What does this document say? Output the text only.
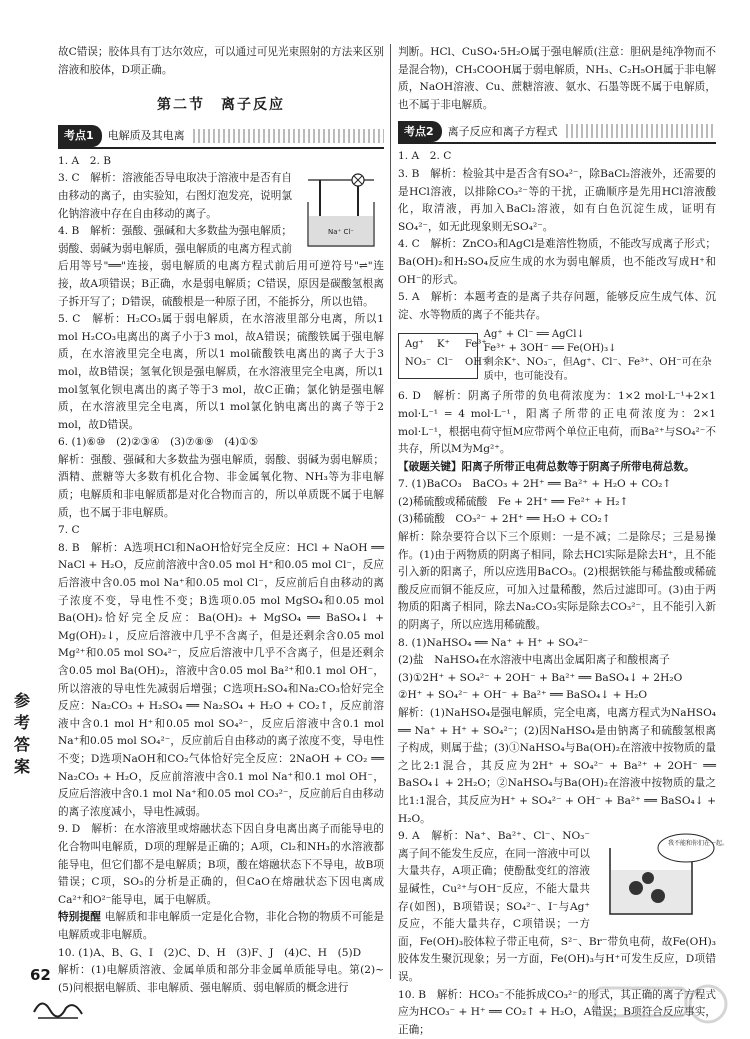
故C错误；胶体具有丁达尔效应，可以通过可见光束照射的方法来区别溶液和胶体，D项正确。

第二节　离子反应
考点1	电解质及其电离

1. A　2. B

Na⁺ Cl⁻

3. C　解析：溶液能否导电取决于溶液中是否有自由移动的离子，由实验知，右图灯泡发亮，说明氯化钠溶液中存在自由移动的离子。

4. B　解析：强酸、强碱和大多数盐为强电解质；弱酸、弱碱为弱电解质，强电解质的电离方程式前后用等号"══"连接，弱电解质的电离方程式前后用可逆符号"⇌"连接，故A项错误；B正确，水是弱电解质；C错误，原因是碳酸氢根离子拆开写了；D错误，硫酸根是一种原子团，不能拆分，所以也错。

5. C　解析：H₂CO₃属于弱电解质，在水溶液里部分电离，所以1 mol H₂CO₃电离出的离子小于3 mol，故A错误；硫酸铁属于强电解质，在水溶液里完全电离，所以1 mol硫酸铁电离出的离子大于3 mol，故B错误；氢氧化钡是强电解质，在水溶液里完全电离，所以1 mol氢氧化钡电离出的离子等于3 mol，故C正确；氯化钠是强电解质，在水溶液里完全电离，所以1 mol氯化钠电离出的离子等于2 mol，故D错误。

6. (1)⑥⑩　(2)②③④　(3)⑦⑧⑨　(4)①⑤

解析：强酸、强碱和大多数盐为强电解质，弱酸、弱碱为弱电解质；酒精、蔗糖等大多数有机化合物、非金属氧化物、NH₃等为非电解质；电解质和非电解质都是对化合物而言的，所以单质既不属于电解质，也不属于非电解质。

7. C

8. B　解析：A选项HCl和NaOH恰好完全反应：HCl + NaOH ══ NaCl + H₂O，反应前溶液中含0.05 mol H⁺和0.05 mol Cl⁻，反应后溶液中含0.05 mol Na⁺和0.05 mol Cl⁻，反应前后自由移动的离子浓度不变，导电性不变；B选项0.05 mol MgSO₄和0.05 mol Ba(OH)₂恰好完全反应：Ba(OH)₂ + MgSO₄ ══ BaSO₄↓ + Mg(OH)₂↓，反应后溶液中几乎不含离子，但是还剩余含0.05 mol Mg²⁺和0.05 mol SO₄²⁻，反应后溶液中几乎不含离子，但是还剩余含0.05 mol Ba(OH)₂，溶液中含0.05 mol Ba²⁺和0.1 mol OH⁻，所以溶液的导电性先减弱后增强；C选项H₂SO₄和Na₂CO₃恰好完全反应：Na₂CO₃ + H₂SO₄ ══ Na₂SO₄ + H₂O + CO₂↑，反应前溶液中含0.1 mol H⁺和0.05 mol SO₄²⁻，反应后溶液中含0.1 mol Na⁺和0.05 mol SO₄²⁻，反应前后自由移动的离子浓度不变，导电性不变；D选项NaOH和CO₂气体恰好完全反应：2NaOH + CO₂ ══ Na₂CO₃ + H₂O，反应前溶液中含0.1 mol Na⁺和0.1 mol OH⁻，反应后溶液中含0.1 mol Na⁺和0.05 mol CO₃²⁻，反应前后自由移动的离子浓度减小，导电性减弱。

9. D　解析：在水溶液里或熔融状态下因自身电离出离子而能导电的化合物叫电解质，D项的理解是正确的；A项，Cl₂和NH₃的水溶液都能导电，但它们都不是电解质；B项，酸在熔融状态下不导电，故B项错误；C项，SO₃的分析是正确的，但CaO在熔融状态下因电离成Ca²⁺和O²⁻能导电，属于电解质。

特别提醒 电解质和非电解质一定是化合物，非化合物的物质不可能是电解质或非电解质。

10. (1)A、B、G、I　(2)C、D、H　(3)F、J　(4)C、H　(5)D

解析：(1)电解质溶液、金属单质和部分非金属单质能导电。第(2)~(5)问根据电解质、非电解质、强电解质、弱电解质的概念进行

判断。HCl、CuSO₄·5H₂O属于强电解质(注意：胆矾是纯净物而不是混合物)，CH₃COOH属于弱电解质，NH₃、C₂H₅OH属于非电解质，NaOH溶液、Cu、蔗糖溶液、氨水、石墨等既不属于电解质，也不属于非电解质。

考点2	离子反应和离子方程式

1. A　2. C

3. B　解析：检验其中是否含有SO₄²⁻，除BaCl₂溶液外，还需要的是HCl溶液，以排除CO₃²⁻等的干扰，正确顺序是先用HCl溶液酸化，取清液，再加入BaCl₂溶液，如有白色沉淀生成，证明有SO₄²⁻，如无此现象则无SO₄²⁻。

4. C　解析：ZnCO₃和AgCl是难溶性物质，不能改写成离子形式；Ba(OH)₂和H₂SO₄反应生成的水为弱电解质，也不能改写成H⁺和OH⁻的形式。

5. A　解析：本题考查的是离子共存问题，能够反应生成气体、沉淀、水等物质的离子不能共存。

Ag⁺ K⁺ Fe³⁺
NO₃⁻ Cl⁻ OH⁻
Ag⁺ + Cl⁻ ══ AgCl↓
Fe³⁺ + 3OH⁻ ══ Fe(OH)₃↓
剩余K⁺、NO₃⁻，但Ag⁺、Cl⁻、Fe³⁺、OH⁻可在杂质中，也可能没有。

6. D　解析：阴离子所带的负电荷浓度为：1×2 mol·L⁻¹+2×1 mol·L⁻¹ = 4 mol·L⁻¹，阳离子所带的正电荷浓度为：2×1 mol·L⁻¹，根据电荷守恒M应带两个单位正电荷，而Ba²⁺与SO₄²⁻不共存，所以M为Mg²⁺。

【破题关键】阳离子所带正电荷总数等于阴离子所带电荷总数。

7. (1)BaCO₃　BaCO₃ + 2H⁺ ══ Ba²⁺ + H₂O + CO₂↑

(2)稀硫酸或稀硫酸　Fe + 2H⁺ ══ Fe²⁺ + H₂↑

(3)稀硫酸　CO₃²⁻ + 2H⁺ ══ H₂O + CO₂↑

解析：除杂要符合以下三个原则：一是不减；二是除尽；三是易操作。(1)由于两物质的阴离子相同，除去HCl实际是除去H⁺，且不能引入新的阳离子，所以应选用BaCO₃。(2)根据铁能与稀盐酸或稀硫酸反应而铜不能反应，可加入过量稀酸，然后过滤即可。(3)由于两物质的阳离子相同，除去Na₂CO₃实际是除去CO₃²⁻，且不能引入新的阴离子，所以应选用稀硫酸。

8. (1)NaHSO₄ ══ Na⁺ + H⁺ + SO₄²⁻

(2)盐　NaHSO₄在水溶液中电离出金属阳离子和酸根离子

(3)①2H⁺ + SO₄²⁻ + 2OH⁻ + Ba²⁺ ══ BaSO₄↓ + 2H₂O

②H⁺ + SO₄²⁻ + OH⁻ + Ba²⁺ ══ BaSO₄↓ + H₂O

解析：(1)NaHSO₄是强电解质，完全电离，电离方程式为NaHSO₄ ══ Na⁺ + H⁺ + SO₄²⁻；(2)因NaHSO₄是由钠离子和硫酸氢根离子构成，则属于盐；(3)①NaHSO₄与Ba(OH)₂在溶液中按物质的量之比2:1混合，其反应为2H⁺ + SO₄²⁻ + Ba²⁺ + 2OH⁻ ══ BaSO₄↓ + 2H₂O；②NaHSO₄与Ba(OH)₂在溶液中按物质的量之比1:1混合，其反应为H⁺ + SO₄²⁻ + OH⁻ + Ba²⁺ ══ BaSO₄↓ + H₂O。

我不能和你们在一起。

9. A　解析：Na⁺、Ba²⁺、Cl⁻、NO₃⁻离子间不能发生反应，在同一溶液中可以大量共存，A项正确；使酚酞变红的溶液显碱性，Cu²⁺与OH⁻反应，不能大量共存(如图)，B项错误；SO₄²⁻、I⁻与Ag⁺反应，不能大量共存，C项错误；一方面，Fe(OH)₃胶体粒子带正电荷，S²⁻、Br⁻带负电荷，故Fe(OH)₃胶体发生聚沉现象；另一方面，Fe(OH)₃与H⁺可发生反应，D项错误。

10. B　解析：HCO₃⁻不能拆成CO₃²⁻的形式，其正确的离子方程式应为HCO₃⁻ + H⁺ ══ CO₂↑ + H₂O，A错误；B项符合反应事实，正确；

参考答案
62
